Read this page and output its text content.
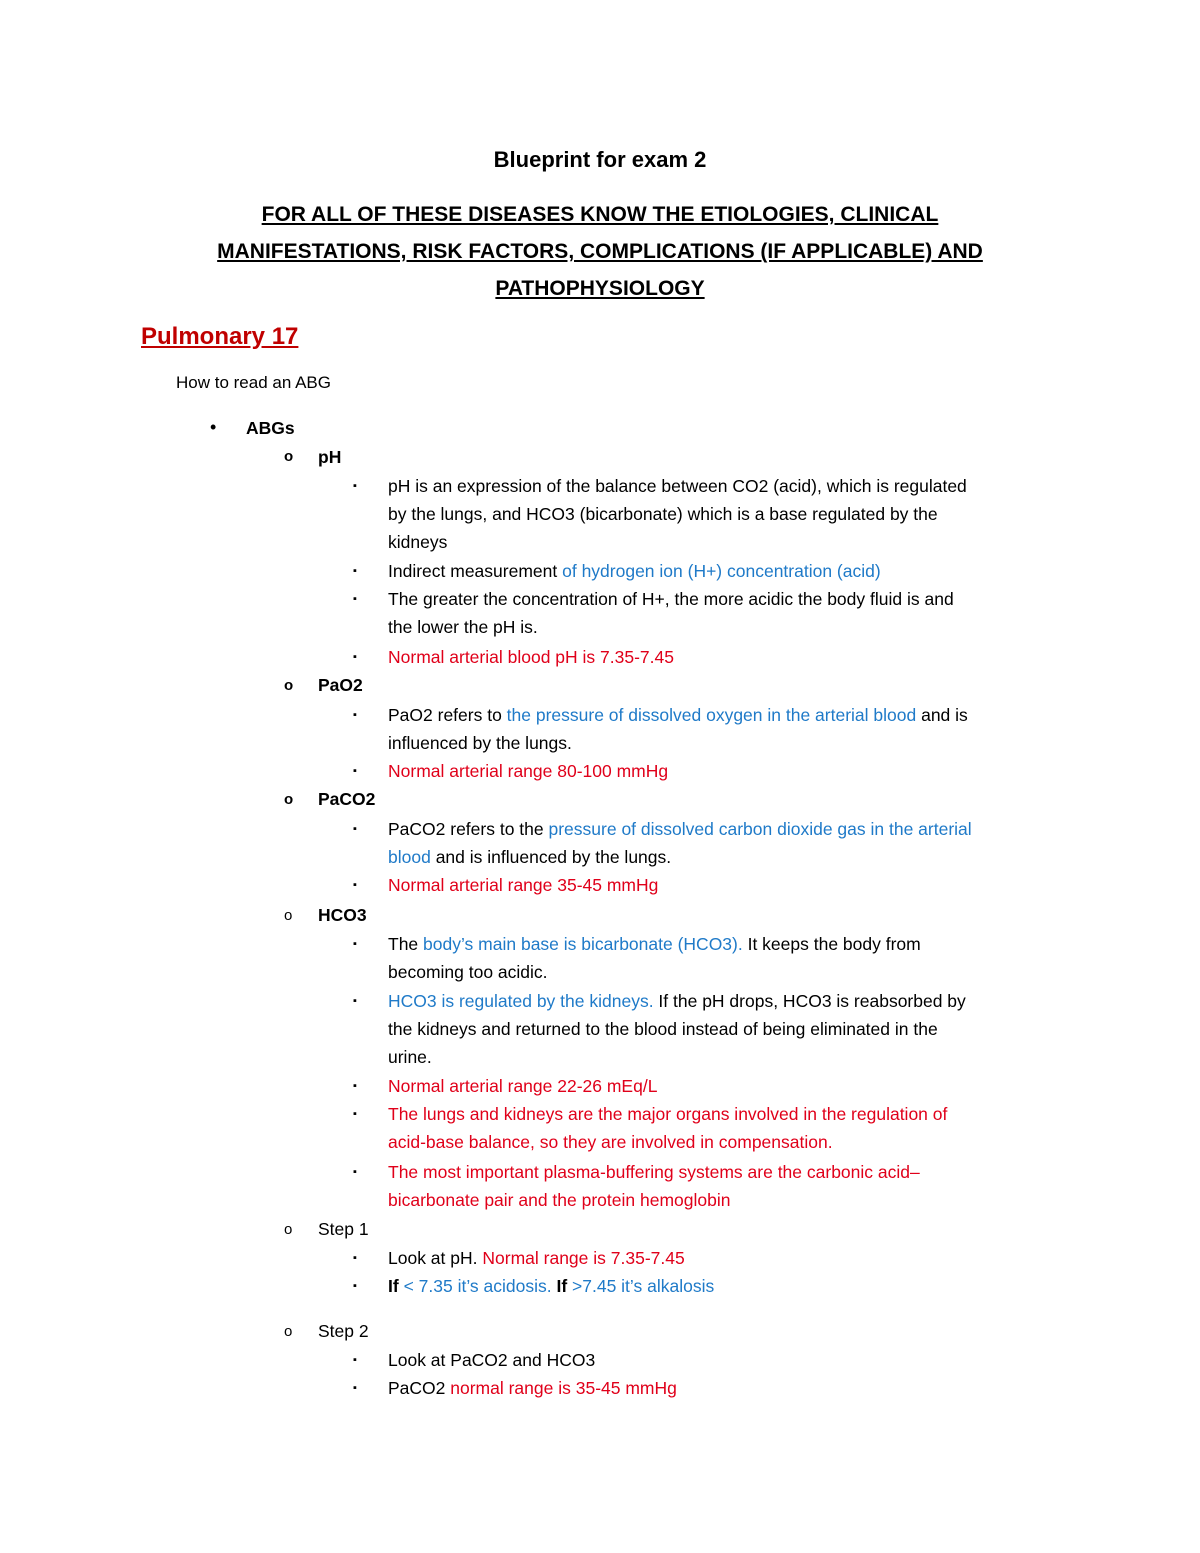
Blueprint for exam 2
FOR ALL OF THESE DISEASES KNOW THE ETIOLOGIES, CLINICAL
MANIFESTATIONS, RISK FACTORS, COMPLICATIONS (IF APPLICABLE) AND
PATHOPHYSIOLOGY
Pulmonary 17
How to read an ABG
• ABGs
o pH
▪ pH is an expression of the balance between CO2 (acid), which is regulated
by the lungs, and HCO3 (bicarbonate) which is a base regulated by the
kidneys
▪ Indirect measurement of hydrogen ion (H+) concentration (acid)
▪ The greater the concentration of H+, the more acidic the body fluid is and
the lower the pH is.
▪ Normal arterial blood pH is 7.35-7.45
o PaO2
▪ PaO2 refers to the pressure of dissolved oxygen in the arterial blood and is
influenced by the lungs.
▪ Normal arterial range 80-100 mmHg
o PaCO2
▪ PaCO2 refers to the pressure of dissolved carbon dioxide gas in the arterial
blood and is influenced by the lungs.
▪ Normal arterial range 35-45 mmHg
o HCO3
▪ The body’s main base is bicarbonate (HCO3). It keeps the body from
becoming too acidic.
▪ HCO3 is regulated by the kidneys. If the pH drops, HCO3 is reabsorbed by
the kidneys and returned to the blood instead of being eliminated in the
urine.
▪ Normal arterial range 22-26 mEq/L
▪ The lungs and kidneys are the major organs involved in the regulation of
acid-base balance, so they are involved in compensation.
▪ The most important plasma-buffering systems are the carbonic acid–
bicarbonate pair and the protein hemoglobin
o Step 1
▪ Look at pH. Normal range is 7.35-7.45
▪ If < 7.35 it’s acidosis. If >7.45 it’s alkalosis
o Step 2
▪ Look at PaCO2 and HCO3
▪ PaCO2 normal range is 35-45 mmHg
